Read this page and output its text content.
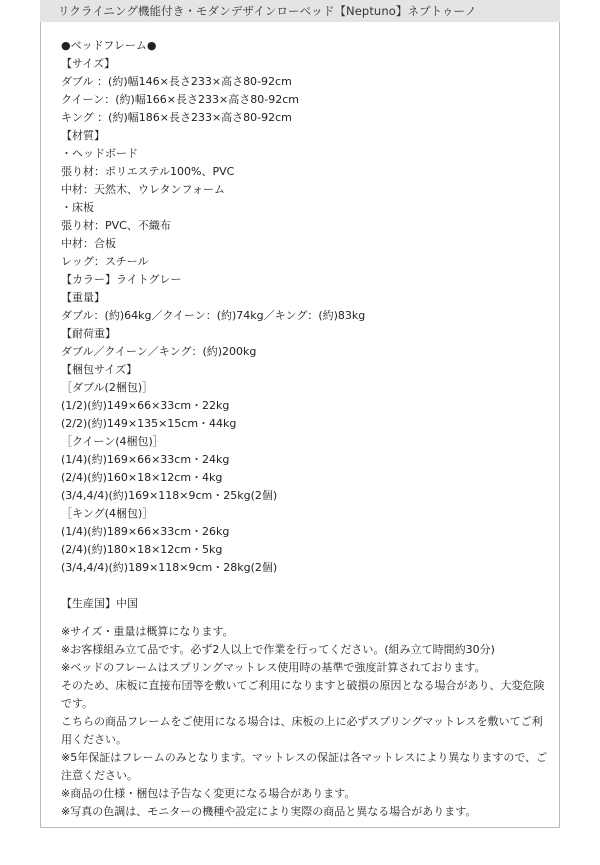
リクライニング機能付き・モダンデザインローベッド【Neptuno】ネプトゥーノ
●ベッドフレーム●
【サイズ】
ダブル ：(約)幅146×長さ233×高さ80-92cm
クイーン：(約)幅166×長さ233×高さ80-92cm
キング ：(約)幅186×長さ233×高さ80-92cm
【材質】
・ヘッドボード
張り材：ポリエステル100%、PVC
中材：天然木、ウレタンフォーム
・床板
張り材：PVC、不織布
中材：合板
レッグ：スチール
【カラー】ライトグレー
【重量】
ダブル：(約)64kg／クイーン：(約)74kg／キング：(約)83kg
【耐荷重】
ダブル／クイーン／キング：(約)200kg
【梱包サイズ】
［ダブル(2梱包)］
(1/2)(約)149×66×33cm・22kg
(2/2)(約)149×135×15cm・44kg
［クイーン(4梱包)］
(1/4)(約)169×66×33cm・24kg
(2/4)(約)160×18×12cm・4kg
(3/4,4/4)(約)169×118×9cm・25kg(2個)
［キング(4梱包)］
(1/4)(約)189×66×33cm・26kg
(2/4)(約)180×18×12cm・5kg
(3/4,4/4)(約)189×118×9cm・28kg(2個)
【生産国】中国
※サイズ・重量は概算になります。
※お客様組み立て品です。必ず2人以上で作業を行ってください。(組み立て時間約30分)
※ベッドのフレームはスプリングマットレス使用時の基準で強度計算されております。
そのため、床板に直接布団等を敷いてご利用になりますと破損の原因となる場合があり、大変危険です。
こちらの商品フレームをご使用になる場合は、床板の上に必ずスプリングマットレスを敷いてご利用ください。
※5年保証はフレームのみとなります。マットレスの保証は各マットレスにより異なりますので、ご注意ください。
※商品の仕様・梱包は予告なく変更になる場合があります。
※写真の色調は、モニターの機種や設定により実際の商品と異なる場合があります。
